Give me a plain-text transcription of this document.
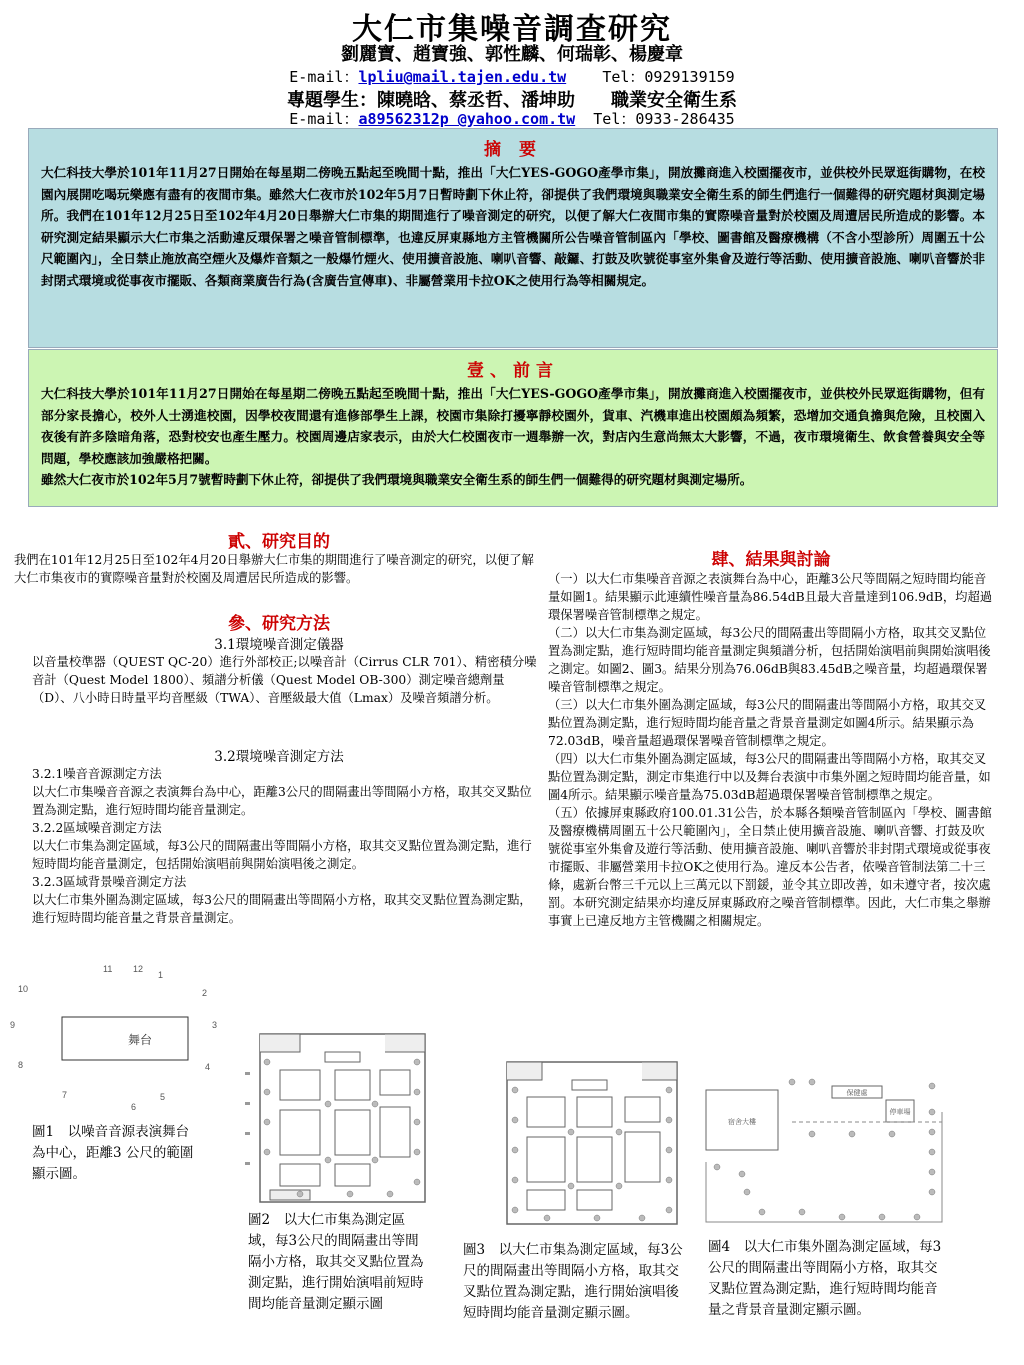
大仁市集噪音調查研究
劉麗寶、趙寶強、郭性麟、何瑞彰、楊慶章
E-mail：lpliu@mail.tajen.edu.tw Tel：0929139159
專題學生：陳曉晗、蔡丞哲、潘坤助　　職業安全衛生系
E-mail：a89562312p @yahoo.com.tw Tel：0933-286435
摘 要

大仁科技大學於101年11月27日開始在每星期二傍晚五點起至晚間十點，推出「大仁YES-GOGO產學市集」，開放攤商進入校園擺夜市，並供校外民眾逛街購物，在校園內展開吃喝玩樂應有盡有的夜間市集。雖然大仁夜市於102年5月7日暫時劃下休止符，卻提供了我們環境與職業安全衛生系的師生們進行一個難得的研究題材與測定場所。我們在101年12月25日至102年4月20日舉辦大仁市集的期間進行了噪音測定的研究，以便了解大仁夜間市集的實際噪音量對於校園及周遭居民所造成的影響。本研究測定結果顯示大仁市集之活動違反環保署之噪音管制標準，也違反屏東縣地方主管機關所公告噪音管制區內「學校、圖書館及醫療機構（不含小型診所）周圍五十公尺範圍內」，全日禁止施放高空煙火及爆炸音類之一般爆竹煙火、使用擴音設施、喇叭音響、敲鑼、打鼓及吹號從事室外集會及遊行等活動、使用擴音設施、喇叭音響於非封閉式環境或從事夜市擺販、各類商業廣告行為(含廣告宣傳車)、非屬營業用卡拉OK之使用行為等相關規定。

壹、前言

大仁科技大學於101年11月27日開始在每星期二傍晚五點起至晚間十點，推出「大仁YES-GOGO產學市集」，開放攤商進入校園擺夜市，並供校外民眾逛街購物，但有部分家長擔心，校外人士湧進校園，因學校夜間還有進修部學生上課，校園市集除打擾寧靜校園外，貨車、汽機車進出校園頗為頻繁，恐增加交通負擔與危險，且校園入夜後有許多陰暗角落，恐對校安也產生壓力。校園周邊店家表示，由於大仁校園夜市一週舉辦一次，對店內生意尚無太大影響，不過，夜市環境衛生、飲食營養與安全等問題，學校應該加強嚴格把關。

雖然大仁夜市於102年5月7號暫時劃下休止符，卻提供了我們環境與職業安全衛生系的師生們一個難得的研究題材與測定場所。

貳、研究目的
我們在101年12月25日至102年4月20日舉辦大仁市集的期間進行了噪音測定的研究，以便了解大仁市集夜市的實際噪音量對於校園及周遭居民所造成的影響。
參、研究方法
3.1環境噪音測定儀器
以音量校準器（QUEST QC-20）進行外部校正;以噪音計（Cirrus CLR 701）、精密積分噪音計（Quest Model 1800）、頻譜分析儀（Quest Model OB-300）測定噪音總劑量（D）、八小時日時量平均音壓級（TWA）、音壓級最大值（Lmax）及噪音頻譜分析。
3.2環境噪音測定方法
3.2.1噪音音源測定方法
以大仁市集噪音音源之表演舞台為中心，距離3公尺的間隔畫出等間隔小方格，取其交叉點位置為測定點，進行短時間均能音量測定。
3.2.2區域噪音測定方法
以大仁市集為測定區域，每3公尺的間隔畫出等間隔小方格，取其交叉點位置為測定點，進行短時間均能音量測定，包括開始演唱前與開始演唱後之測定。
3.2.3區域背景噪音測定方法
以大仁市集外圍為測定區域，每3公尺的間隔畫出等間隔小方格，取其交叉點位置為測定點，進行短時間均能音量之背景音量測定。
肆、結果與討論
（一）以大仁市集噪音音源之表演舞台為中心，距離3公尺等間隔之短時間均能音量如圖1。結果顯示此連續性噪音量為86.54dB且最大音量達到106.9dB，均超過環保署噪音管制標準之規定。
（二）以大仁市集為測定區域，每3公尺的間隔畫出等間隔小方格，取其交叉點位置為測定點，進行短時間均能音量測定與頻譜分析，包括開始演唱前與開始演唱後之測定。如圖2、圖3。結果分別為76.06dB與83.45dB之噪音量，均超過環保署噪音管制標準之規定。
（三）以大仁市集外圍為測定區域，每3公尺的間隔畫出等間隔小方格，取其交叉點位置為測定點，進行短時間均能音量之背景音量測定如圖4所示。結果顯示為72.03dB，噪音量超過環保署噪音管制標準之規定。
（四）以大仁市集外圍為測定區域，每3公尺的間隔畫出等間隔小方格，取其交叉點位置為測定點，測定市集進行中以及舞台表演中市集外圍之短時間均能音量，如圖4所示。結果顯示噪音量為75.03dB超過環保署噪音管制標準之規定。
（五）依據屏東縣政府100.01.31公告，於本縣各類噪音管制區內「學校、圖書館及醫療機構周圍五十公尺範圍內」，全日禁止使用擴音設施、喇叭音響、打鼓及吹號從事室外集會及遊行等活動、使用擴音設施、喇叭音響於非封閉式環境或從事夜市擺販、非屬營業用卡拉OK之使用行為。違反本公告者，依噪音管制法第二十三條，處新台幣三千元以上三萬元以下罰鍰，並令其立即改善，如未遵守者，按次處罰。本研究測定結果亦均違反屏東縣政府之噪音管制標準。因此，大仁市集之舉辦事實上已違反地方主管機關之相關規定。
舞台
11 12
1
10	2
9	3
8	4
7	5
6
圖1　以噪音音源表演舞台為中心，距離3 公尺的範圍顯示圖。
圖2　以大仁市集為測定區域，每3公尺的間隔畫出等間隔小方格，取其交叉點位置為測定點，進行開始演唱前短時間均能音量測定顯示圖
圖3　以大仁市集為測定區域，每3公尺的間隔畫出等間隔小方格，取其交叉點位置為測定點，進行開始演唱後短時間均能音量測定顯示圖。
宿舍大樓
保健處
停車場
圖4　以大仁市集外圍為測定區域，每3公尺的間隔畫出等間隔小方格，取其交叉點位置為測定點，進行短時間均能音量之背景音量測定顯示圖。
